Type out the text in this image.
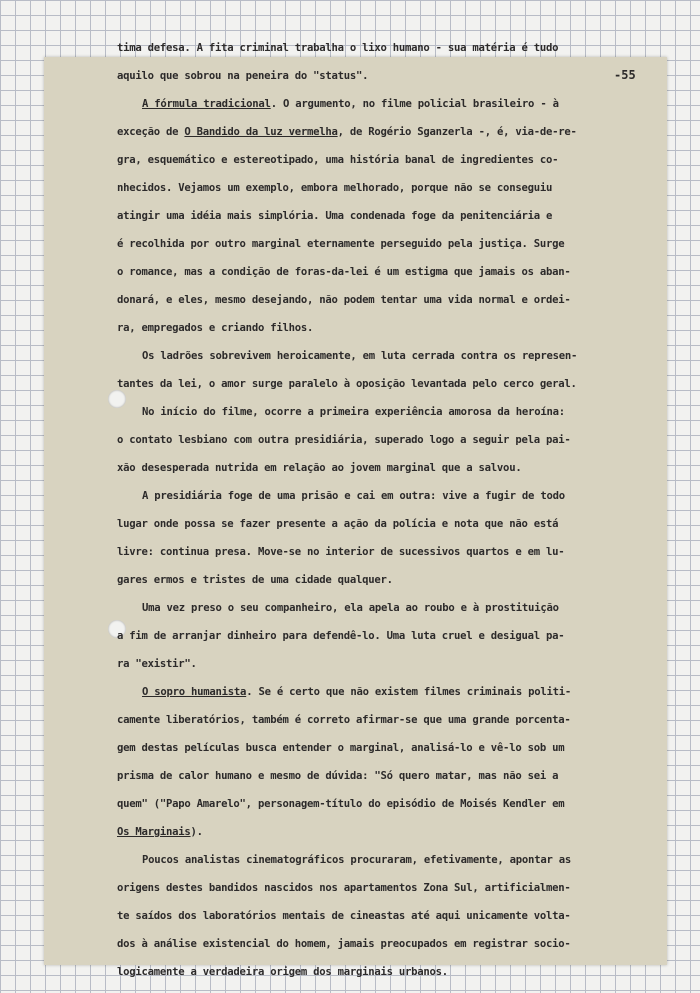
-55
tima defesa. A fita criminal trabalha o lixo humano - sua matéria é tudo
aquilo que sobrou na peneira do "status".
A fórmula tradicional. O argumento, no filme policial brasileiro - à
exceção de O Bandido da luz vermelha, de Rogério Sganzerla -, é, via-de-re-
gra, esquemático e estereotipado, uma história banal de ingredientes co-
nhecidos. Vejamos um exemplo, embora melhorado, porque não se conseguiu
atingir uma idéia mais simplória. Uma condenada foge da penitenciária e
é recolhida por outro marginal eternamente perseguido pela justiça. Surge
o romance, mas a condição de foras-da-lei é um estigma que jamais os aban-
donará, e eles, mesmo desejando, não podem tentar uma vida normal e ordei-
ra, empregados e criando filhos.
Os ladrões sobrevivem heroicamente, em luta cerrada contra os represen-
tantes da lei, o amor surge paralelo à oposição levantada pelo cerco geral.
No início do filme, ocorre a primeira experiência amorosa da heroína:
o contato lesbiano com outra presidiária, superado logo a seguir pela pai-
xão desesperada nutrida em relação ao jovem marginal que a salvou.
A presidiária foge de uma prisão e cai em outra: vive a fugir de todo
lugar onde possa se fazer presente a ação da polícia e nota que não está
livre: continua presa. Move-se no interior de sucessivos quartos e em lu-
gares ermos e tristes de uma cidade qualquer.
Uma vez preso o seu companheiro, ela apela ao roubo e à prostituição
a fim de arranjar dinheiro para defendê-lo. Uma luta cruel e desigual pa-
ra "existir".
O sopro humanista. Se é certo que não existem filmes criminais politi-
camente liberatórios, também é correto afirmar-se que uma grande porcenta-
gem destas películas busca entender o marginal, analisá-lo e vê-lo sob um
prisma de calor humano e mesmo de dúvida: "Só quero matar, mas não sei a
quem" ("Papo Amarelo", personagem-título do episódio de Moisés Kendler em
Os Marginais).
Poucos analistas cinematográficos procuraram, efetivamente, apontar as
origens destes bandidos nascidos nos apartamentos Zona Sul, artificialmen-
te saídos dos laboratórios mentais de cineastas até aqui unicamente volta-
dos à análise existencial do homem, jamais preocupados em registrar socio-
logicamente a verdadeira origem dos marginais urbanos.
